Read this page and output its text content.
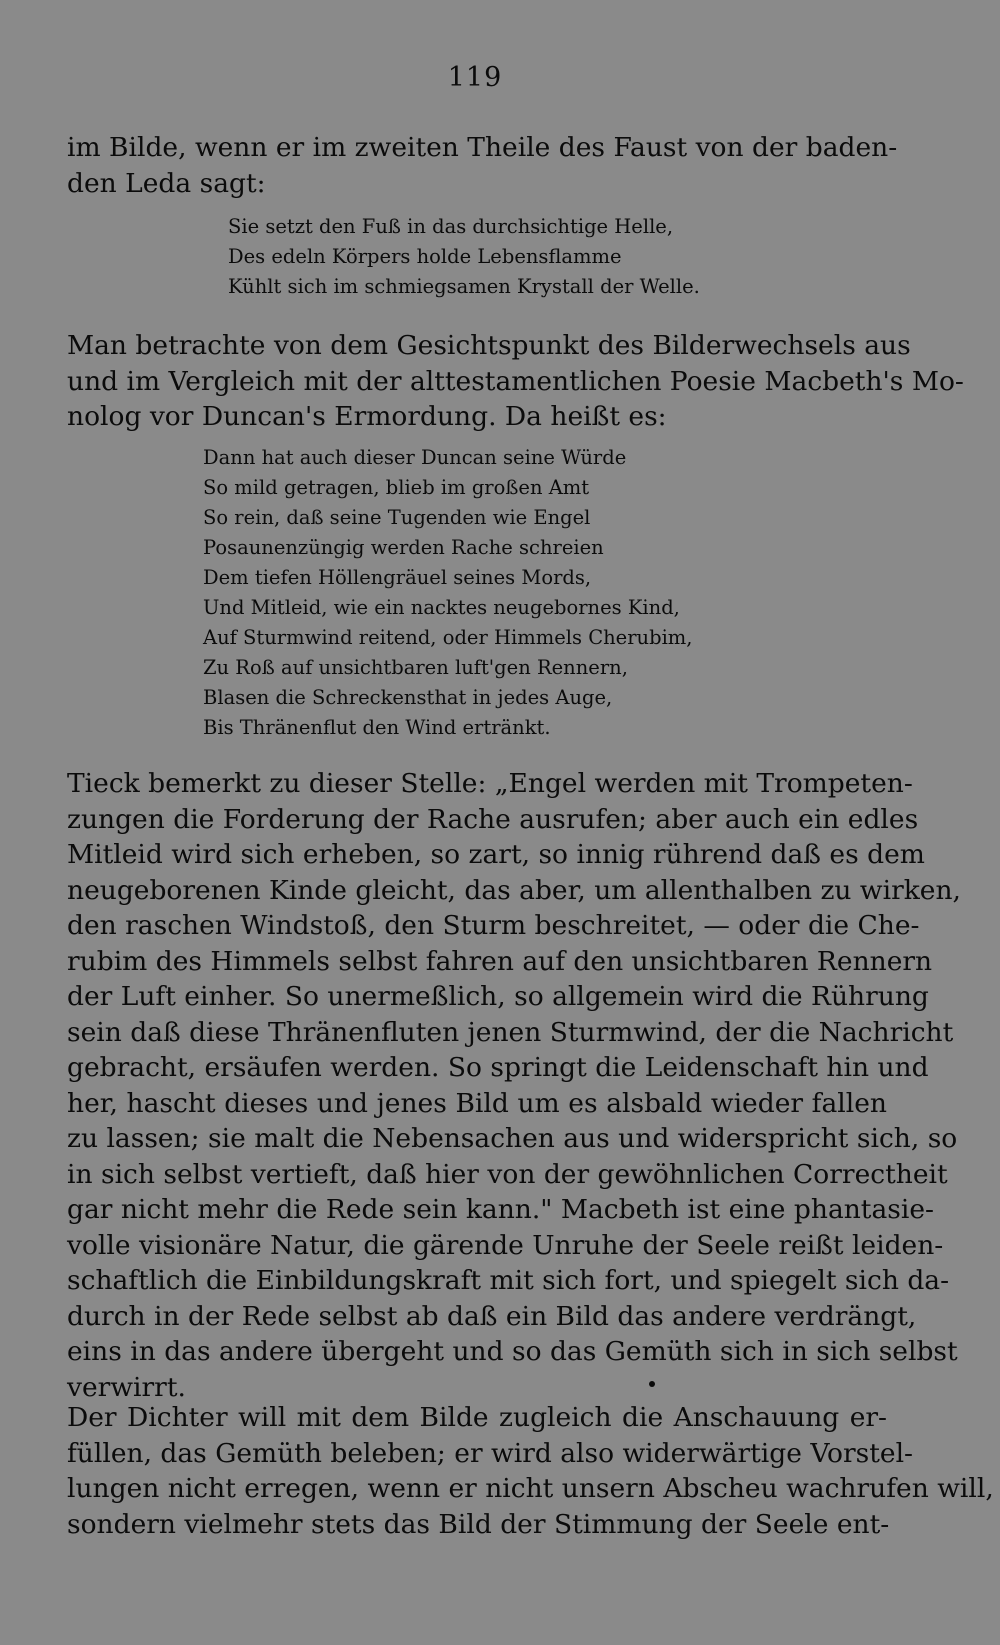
119
im Bilde, wenn er im zweiten Theile des Faust von der baden-
den Leda sagt:
Sie setzt den Fuß in das durchsichtige Helle,
Des edeln Körpers holde Lebensflamme
Kühlt sich im schmiegsamen Krystall der Welle.
Man betrachte von dem Gesichtspunkt des Bilderwechsels aus
und im Vergleich mit der alttestamentlichen Poesie Macbeth's Mo-
nolog vor Duncan's Ermordung. Da heißt es:
Dann hat auch dieser Duncan seine Würde
So mild getragen, blieb im großen Amt
So rein, daß seine Tugenden wie Engel
Posaunenzüngig werden Rache schreien
Dem tiefen Höllengräuel seines Mords,
Und Mitleid, wie ein nacktes neugebornes Kind,
Auf Sturmwind reitend, oder Himmels Cherubim,
Zu Roß auf unsichtbaren luft'gen Rennern,
Blasen die Schreckensthat in jedes Auge,
Bis Thränenflut den Wind ertränkt.
Tieck bemerkt zu dieser Stelle: „Engel werden mit Trompeten-
zungen die Forderung der Rache ausrufen; aber auch ein edles
Mitleid wird sich erheben, so zart, so innig rührend daß es dem
neugeborenen Kinde gleicht, das aber, um allenthalben zu wirken,
den raschen Windstoß, den Sturm beschreitet, — oder die Che-
rubim des Himmels selbst fahren auf den unsichtbaren Rennern
der Luft einher. So unermeßlich, so allgemein wird die Rührung
sein daß diese Thränenfluten jenen Sturmwind, der die Nachricht
gebracht, ersäufen werden. So springt die Leidenschaft hin und
her, hascht dieses und jenes Bild um es alsbald wieder fallen
zu lassen; sie malt die Nebensachen aus und widerspricht sich, so
in sich selbst vertieft, daß hier von der gewöhnlichen Correctheit
gar nicht mehr die Rede sein kann." Macbeth ist eine phantasie-
volle visionäre Natur, die gärende Unruhe der Seele reißt leiden-
schaftlich die Einbildungskraft mit sich fort, und spiegelt sich da-
durch in der Rede selbst ab daß ein Bild das andere verdrängt,
eins in das andere übergeht und so das Gemüth sich in sich selbst
verwirrt.
Der Dichter will mit dem Bilde zugleich die Anschauung er-
füllen, das Gemüth beleben; er wird also widerwärtige Vorstel-
lungen nicht erregen, wenn er nicht unsern Abscheu wachrufen will,
sondern vielmehr stets das Bild der Stimmung der Seele ent-
